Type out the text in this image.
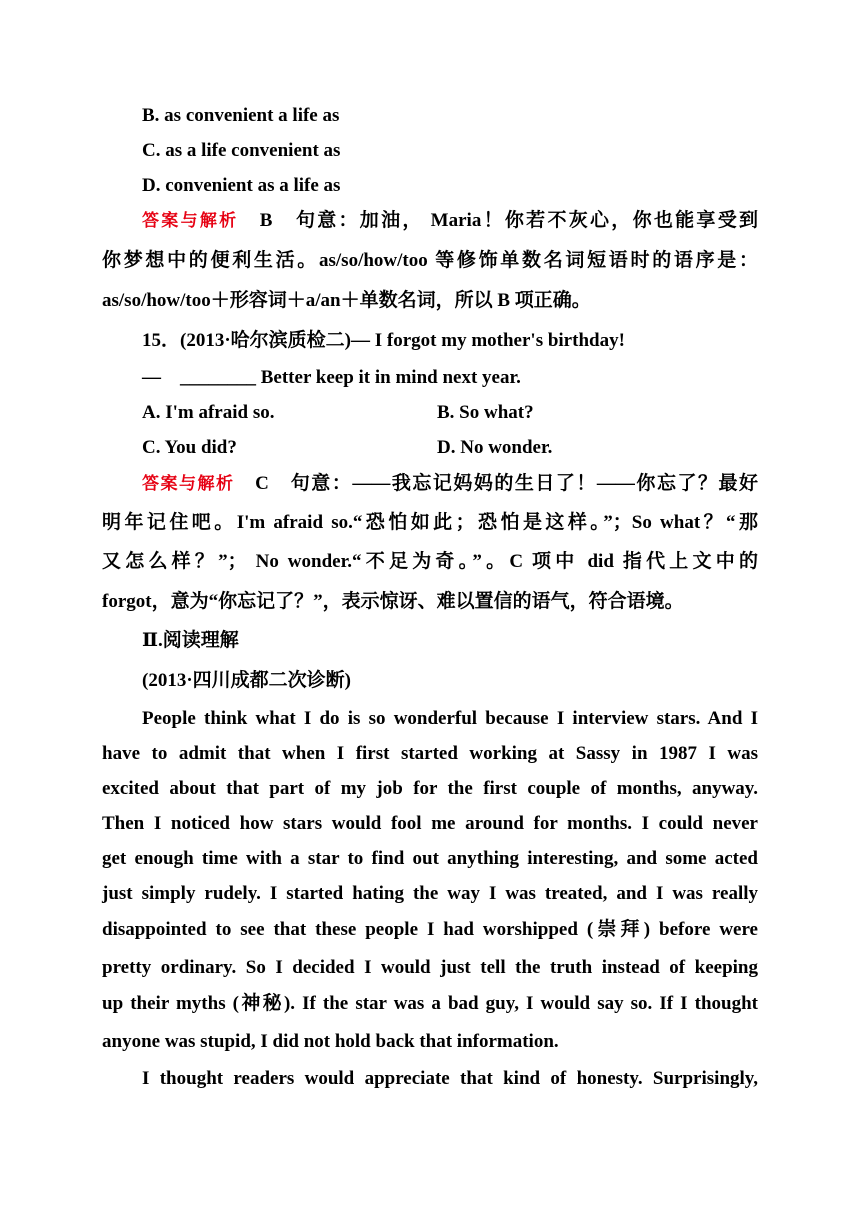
B. as convenient a life as
C. as a life convenient as
D. convenient as a life as
答案与解析　 B　句意：加油， Maria！你若不灰心，你也能享受到
你梦想中的便利生活。as/so/how/too 等修饰单数名词短语时的语序是：
as/so/how/too＋形容词＋a/an＋单数名词，所以 B 项正确。
15．(2013·哈尔滨质检二)— I forgot my mother's birthday!
—　________ Better keep it in mind next year.
A. I'm afraid so.	B. So what?
C. You did?	D. No wonder.
答案与解析　 C　句意：——我忘记妈妈的生日了！——你忘了？最好
明年记住吧。I'm afraid so.“恐怕如此；恐怕是这样。”；So what？“那
又怎么样？”； No wonder.“不足为奇。”。C 项中 did 指代上文中的
forgot，意为“你忘记了？”，表示惊讶、难以置信的语气，符合语境。
Ⅱ.阅读理解
(2013·四川成都二次诊断)
People think what I do is so wonderful because I interview stars. And I
have to admit that when I first started working at Sassy in 1987 I was
excited about that part of my job for the first couple of months, anyway.
Then I noticed how stars would fool me around for months. I could never
get enough time with a star to find out anything interesting, and some acted
just simply rudely. I started hating the way I was treated, and I was really
disappointed to see that these people I had worshipped (崇拜) before were
pretty ordinary. So I decided I would just tell the truth instead of keeping
up their myths (神秘). If the star was a bad guy, I would say so. If I thought
anyone was stupid, I did not hold back that information.
I thought readers would appreciate that kind of honesty. Surprisingly,
